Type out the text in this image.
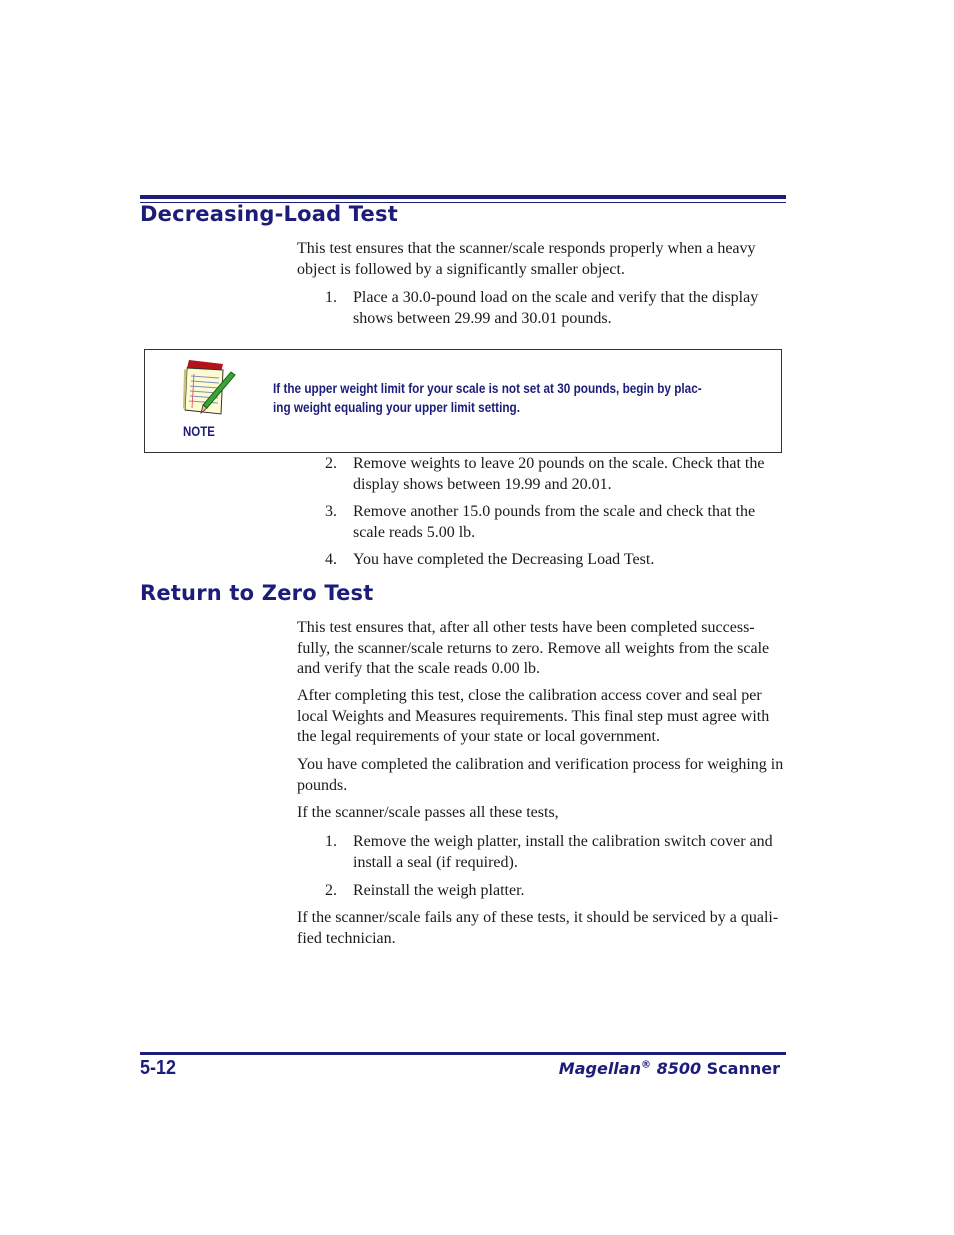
Decreasing-Load Test

This test ensures that the scanner/scale responds properly when a heavy object is followed by a significantly smaller object.

1. Place a 30.0-pound load on the scale and verify that the display shows between 29.99 and 30.01 pounds.
NOTE
If the upper weight limit for your scale is not set at 30 pounds, begin by plac-
ing weight equaling your upper limit setting.
2. Remove weights to leave 20 pounds on the scale. Check that the display shows between 19.99 and 20.01.
3. Remove another 15.0 pounds from the scale and check that the scale reads 5.00 lb.
4. You have completed the Decreasing Load Test.
Return to Zero Test

This test ensures that, after all other tests have been completed success-fully, the scanner/scale returns to zero. Remove all weights from the scale and verify that the scale reads 0.00 lb.

After completing this test, close the calibration access cover and seal per local Weights and Measures requirements. This final step must agree with the legal requirements of your state or local government.

You have completed the calibration and verification process for weighing in pounds.

If the scanner/scale passes all these tests,

1. Remove the weigh platter, install the calibration switch cover and install a seal (if required).
2. Reinstall the weigh platter.

If the scanner/scale fails any of these tests, it should be serviced by a quali-fied technician.

5-12	Magellan® 8500 Scanner
